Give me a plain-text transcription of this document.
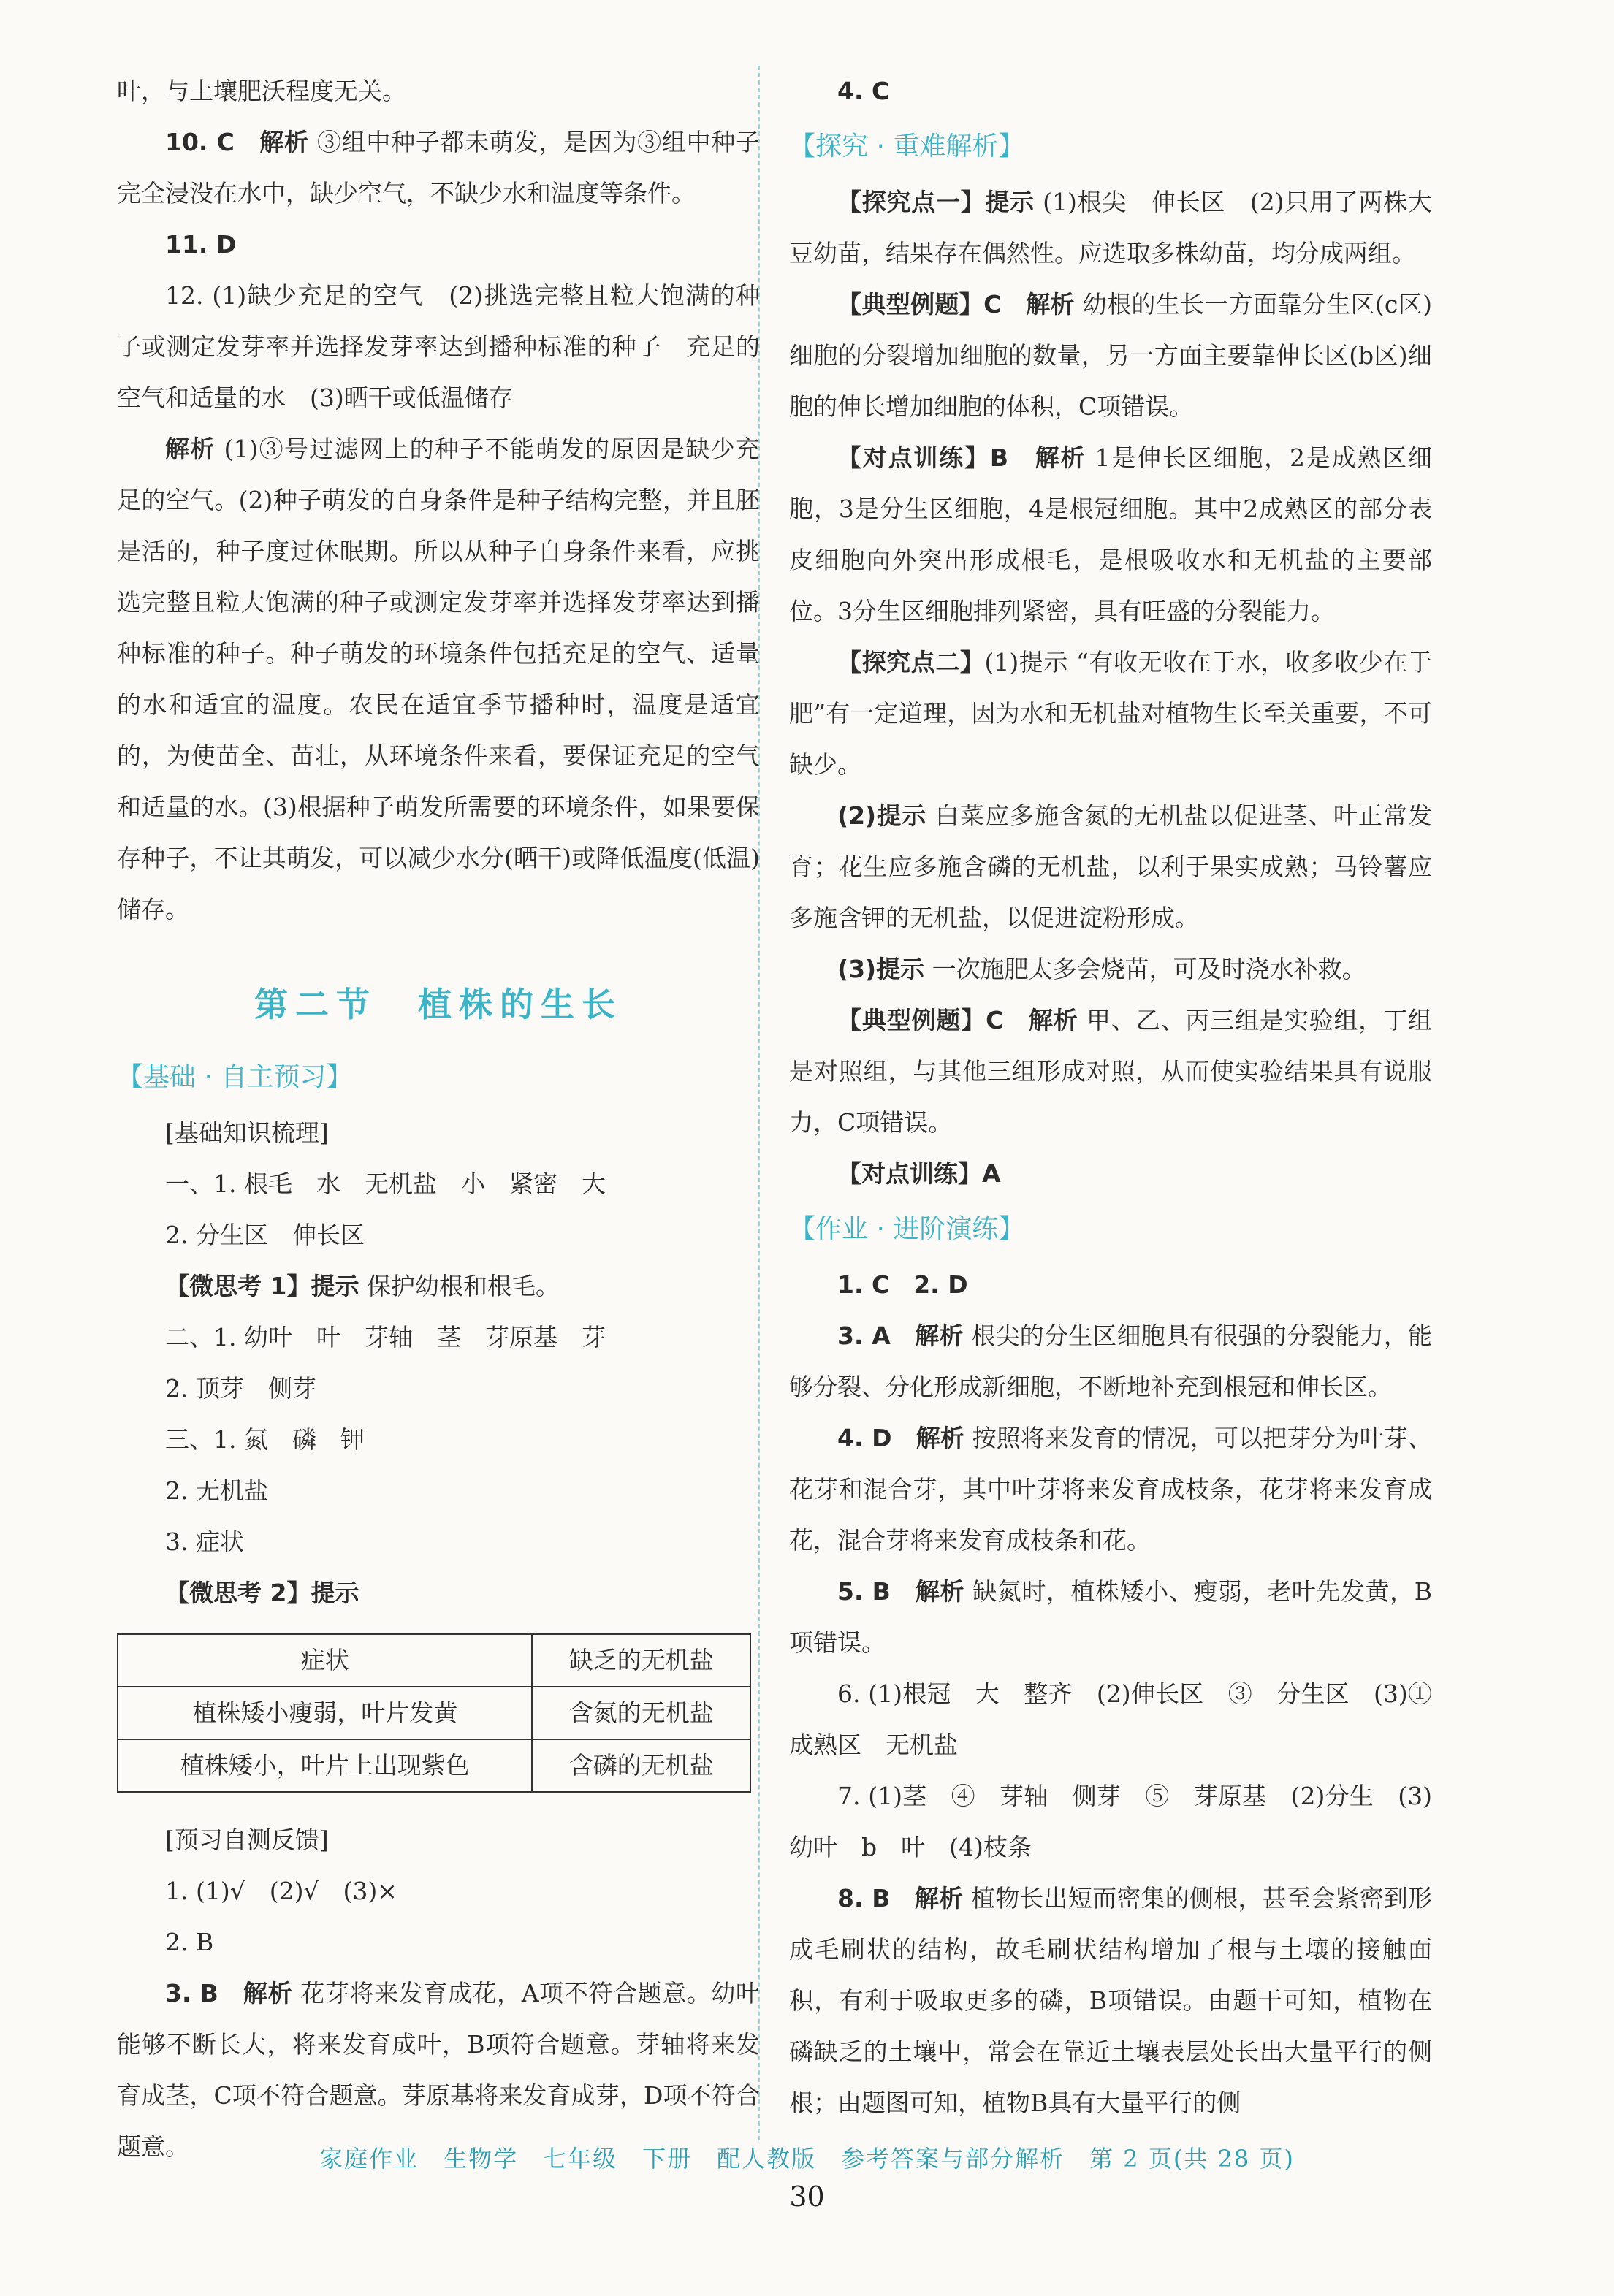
叶，与土壤肥沃程度无关。

10. C　 解析 ③组中种子都未萌发，是因为③组中种子完全浸没在水中，缺少空气，不缺少水和温度等条件。

11. D

12. (1)缺少充足的空气　(2)挑选完整且粒大饱满的种子或测定发芽率并选择发芽率达到播种标准的种子　充足的空气和适量的水　(3)晒干或低温储存

解析 (1)③号过滤网上的种子不能萌发的原因是缺少充足的空气。(2)种子萌发的自身条件是种子结构完整，并且胚是活的，种子度过休眠期。所以从种子自身条件来看，应挑选完整且粒大饱满的种子或测定发芽率并选择发芽率达到播种标准的种子。种子萌发的环境条件包括充足的空气、适量的水和适宜的温度。农民在适宜季节播种时，温度是适宜的，为使苗全、苗壮，从环境条件来看，要保证充足的空气和适量的水。(3)根据种子萌发所需要的环境条件，如果要保存种子，不让其萌发，可以减少水分(晒干)或降低温度(低温)储存。

第二节　植株的生长
【基础 · 自主预习】

[基础知识梳理]

一、1. 根毛　水　无机盐　小　紧密　大

2. 分生区　伸长区

【微思考 1】提示 保护幼根和根毛。

二、1. 幼叶　叶　芽轴　茎　芽原基　芽

2. 顶芽　侧芽

三、1. 氮　磷　钾

2. 无机盐

3. 症状

【微思考 2】提示

症状	缺乏的无机盐
植株矮小瘦弱，叶片发黄	含氮的无机盐
植株矮小，叶片上出现紫色	含磷的无机盐

[预习自测反馈]

1. (1)√　(2)√　(3)×

2. B

3. B　 解析 花芽将来发育成花，A项不符合题意。幼叶能够不断长大，将来发育成叶，B项符合题意。芽轴将来发育成茎，C项不符合题意。芽原基将来发育成芽，D项不符合题意。

4. C

【探究 · 重难解析】

【探究点一】提示 (1)根尖　伸长区　(2)只用了两株大豆幼苗，结果存在偶然性。应选取多株幼苗，均分成两组。

【典型例题】C　解析 幼根的生长一方面靠分生区(c区)细胞的分裂增加细胞的数量，另一方面主要靠伸长区(b区)细胞的伸长增加细胞的体积，C项错误。

【对点训练】B　解析 1是伸长区细胞，2是成熟区细胞，3是分生区细胞，4是根冠细胞。其中2成熟区的部分表皮细胞向外突出形成根毛，是根吸收水和无机盐的主要部位。3分生区细胞排列紧密，具有旺盛的分裂能力。

【探究点二】(1)提示 “有收无收在于水，收多收少在于肥”有一定道理，因为水和无机盐对植物生长至关重要，不可缺少。

(2)提示 白菜应多施含氮的无机盐以促进茎、叶正常发育；花生应多施含磷的无机盐，以利于果实成熟；马铃薯应多施含钾的无机盐，以促进淀粉形成。

(3)提示 一次施肥太多会烧苗，可及时浇水补救。

【典型例题】C　解析 甲、乙、丙三组是实验组，丁组是对照组，与其他三组形成对照，从而使实验结果具有说服力，C项错误。

【对点训练】A

【作业 · 进阶演练】

1. C　2. D

3. A　解析 根尖的分生区细胞具有很强的分裂能力，能够分裂、分化形成新细胞，不断地补充到根冠和伸长区。

4. D　解析 按照将来发育的情况，可以把芽分为叶芽、花芽和混合芽，其中叶芽将来发育成枝条，花芽将来发育成花，混合芽将来发育成枝条和花。

5. B　解析 缺氮时，植株矮小、瘦弱，老叶先发黄，B项错误。

6. (1)根冠　大　整齐　(2)伸长区　③　分生区　(3)①　成熟区　无机盐

7. (1)茎　④　芽轴　侧芽　⑤　芽原基　(2)分生　(3)幼叶　b　叶　(4)枝条

8. B　解析 植物长出短而密集的侧根，甚至会紧密到形成毛刷状的结构，故毛刷状结构增加了根与土壤的接触面积，有利于吸取更多的磷，B项错误。由题干可知，植物在磷缺乏的土壤中，常会在靠近土壤表层处长出大量平行的侧根；由题图可知，植物B具有大量平行的侧

家庭作业　生物学　七年级　下册　配人教版　参考答案与部分解析　第 2 页(共 28 页)
30
